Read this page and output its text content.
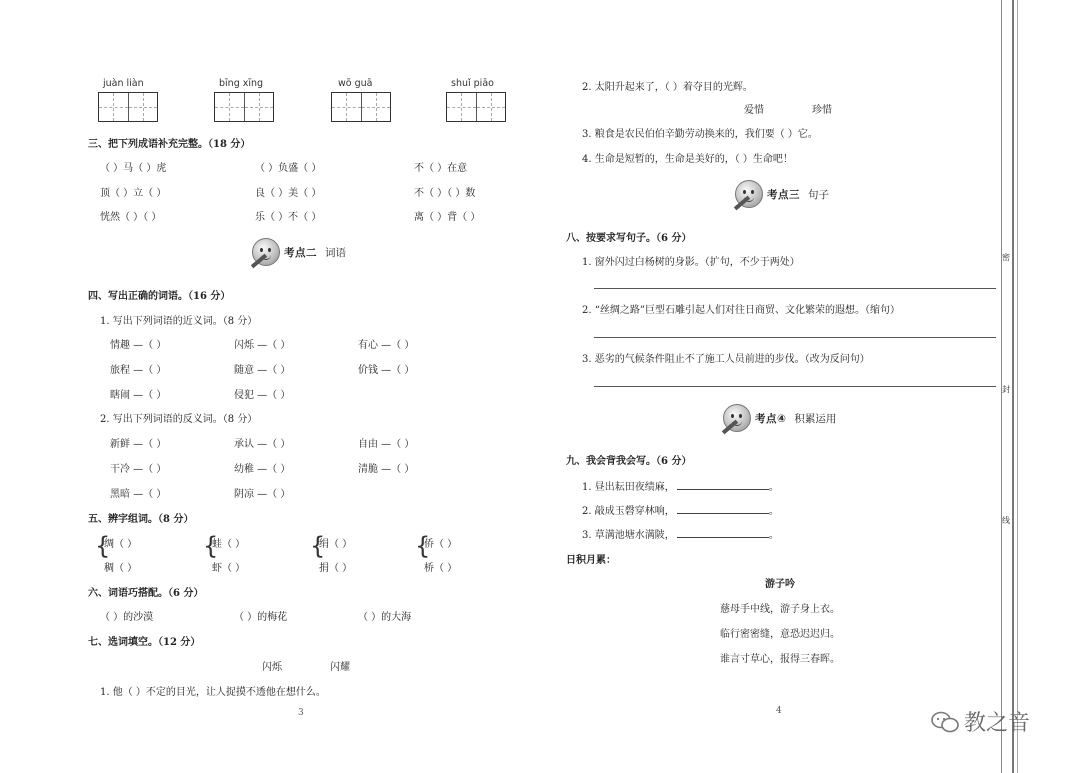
juàn liàn	bīng xīng	wō guā	shuǐ piāo
三、把下列成语补充完整。（18 分）
（ ）马（ ）虎	（ ）负盛（ ）	不（ ）在意
顶（ ）立（ ）	良（ ）美（ ）	不（ ）（ ）数
恍然（ ）（ ）	乐（ ）不（ ）	离（ ）背（ ）
考点二 词语
四、写出正确的词语。（16 分）
1. 写出下列词语的近义词。（8 分）
情趣 —（ ）	闪烁 —（ ）	有心 —（ ）
旅程 —（ ）	随意 —（ ）	价钱 —（ ）
瞎闹 —（ ）	侵犯 —（ ）
2. 写出下列词语的反义词。（8 分）
新鲜 —（ ）	承认 —（ ）	自由 —（ ）
干冷 —（ ）	幼稚 —（ ）	清脆 —（ ）
黑暗 —（ ）	阴凉 —（ ）
五、辨字组词。（8 分）
{
绸（ ）
稠（ ）
{
蛙（ ）
虾（ ）
{
绢（ ）
捐（ ）
{
侨（ ）
桥（ ）
六、词语巧搭配。（6 分）
（ ）的沙漠	（ ）的梅花	（ ）的大海
七、选词填空。（12 分）
闪烁	闪耀
1. 他（ ）不定的目光，让人捉摸不透他在想什么。
3
2. 太阳升起来了，（ ）着夺目的光辉。
爱惜	珍惜
3. 粮食是农民伯伯辛勤劳动换来的，我们要（ ）它。
4. 生命是短暂的，生命是美好的，（ ）生命吧！
考点三 句子
八、按要求写句子。（6 分）
1. 窗外闪过白杨树的身影。（扩句，不少于两处）
2. “丝绸之路”巨型石雕引起人们对往日商贸、文化繁荣的遐想。（缩句）
3. 恶劣的气候条件阻止不了施工人员前进的步伐。（改为反问句）
考点④ 积累运用
九、我会背我会写。（6 分）
1. 昼出耘田夜绩麻，	。
2. 敲成玉磬穿林响，	。
3. 草满池塘水满陂，	。
日积月累：
游子吟
慈母手中线，游子身上衣。
临行密密缝，意恐迟迟归。
谁言寸草心，报得三春晖。
4
密
封
线
教之音
